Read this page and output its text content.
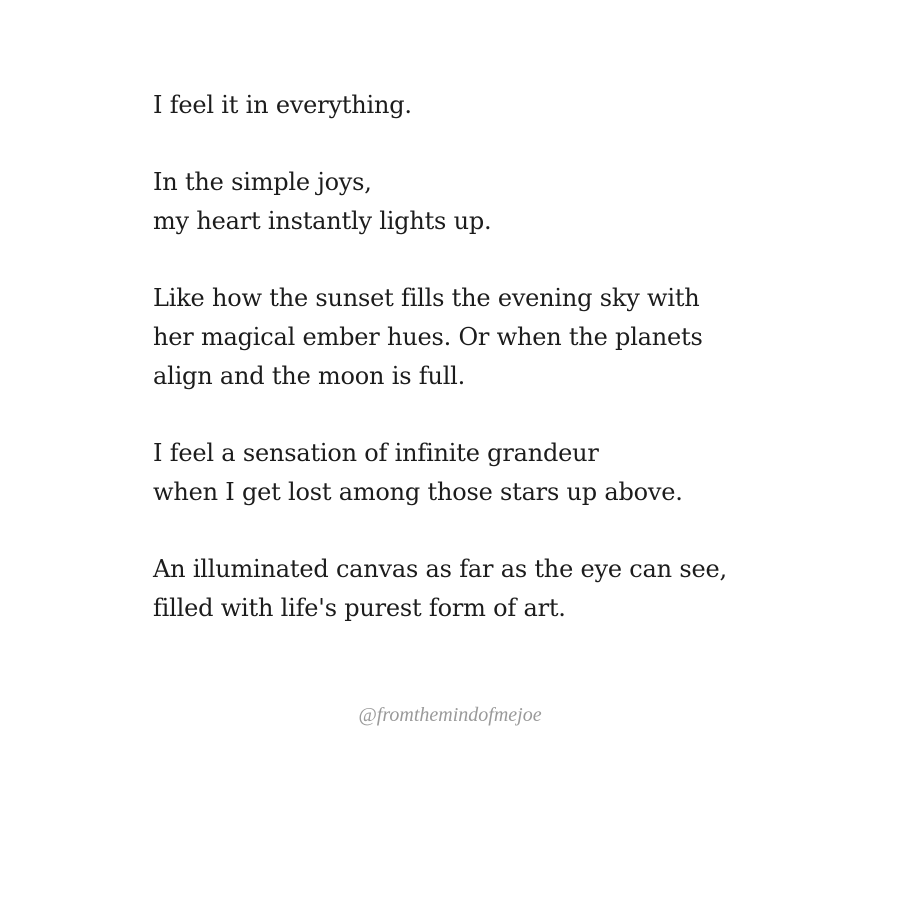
I feel it in everything.
In the simple joys,
my heart instantly lights up.
Like how the sunset fills the evening sky with
her magical ember hues. Or when the planets
align and the moon is full.
I feel a sensation of infinite grandeur
when I get lost among those stars up above.
An illuminated canvas as far as the eye can see,
filled with life's purest form of art.
@fromthemindofmejoe
